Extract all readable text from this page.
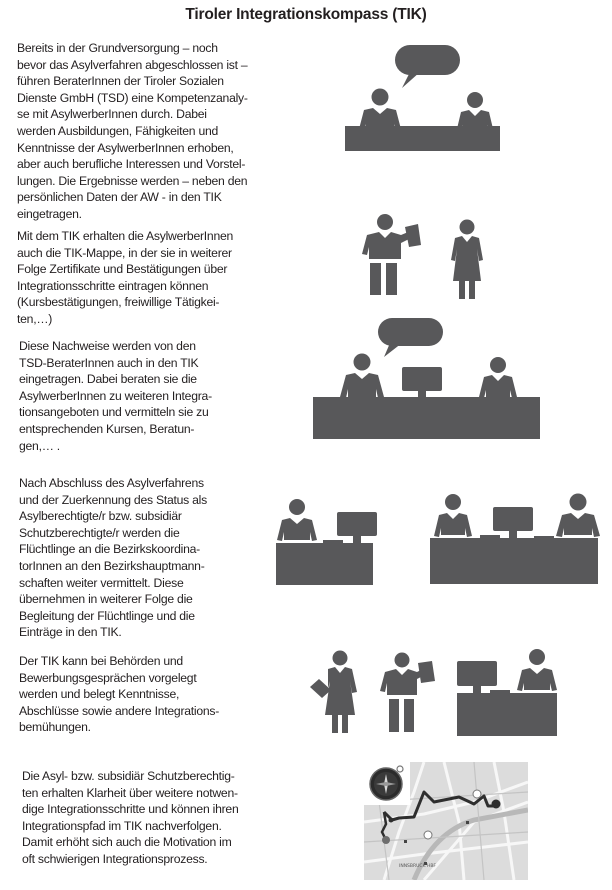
Tiroler Integrationskompass (TIK)

Bereits in der Grundversorgung – noch
bevor das Asylverfahren abgeschlossen ist –
führen BeraterInnen der Tiroler Sozialen
Dienste GmbH (TSD) eine Kompetenzanaly-
se mit AsylwerberInnen durch. Dabei
werden Ausbildungen, Fähigkeiten und
Kenntnisse der AsylwerberInnen erhoben,
aber auch berufliche Interessen und Vorstel-
lungen. Die Ergebnisse werden – neben den
persönlichen Daten der AW - in den TIK
eingetragen.

Mit dem TIK erhalten die AsylwerberInnen
auch die TIK-Mappe, in der sie in weiterer
Folge Zertifikate und Bestätigungen über
Integrationsschritte eintragen können
(Kursbestätigungen, freiwillige Tätigkei-
ten,…)

Diese Nachweise werden von den
TSD-BeraterInnen auch in den TIK
eingetragen. Dabei beraten sie die
AsylwerberInnen zu weiteren Integra-
tionsangeboten und vermitteln sie zu
entsprechenden Kursen, Beratun-
gen,… .

Nach Abschluss des Asylverfahrens
und der Zuerkennung des Status als
Asylberechtigte/r bzw. subsidiär
Schutzberechtigte/r werden die
Flüchtlinge an die Bezirkskoordina-
torInnen an den Bezirkshauptmann-
schaften weiter vermittelt. Diese
übernehmen in weiterer Folge die
Begleitung der Flüchtlinge und die
Einträge in den TIK.

Der TIK kann bei Behörden und
Bewerbungsgesprächen vorgelegt
werden und belegt Kenntnisse,
Abschlüsse sowie andere Integrations-
bemühungen.

Die Asyl- bzw. subsidiär Schutzberechtig-
ten erhalten Klarheit über weitere notwen-
dige Integrationsschritte und können ihren
Integrationspfad im TIK nachverfolgen.
Damit erhöht sich auch die Motivation im
oft schwierigen Integrationsprozess.

INNSBRUCK HBF
